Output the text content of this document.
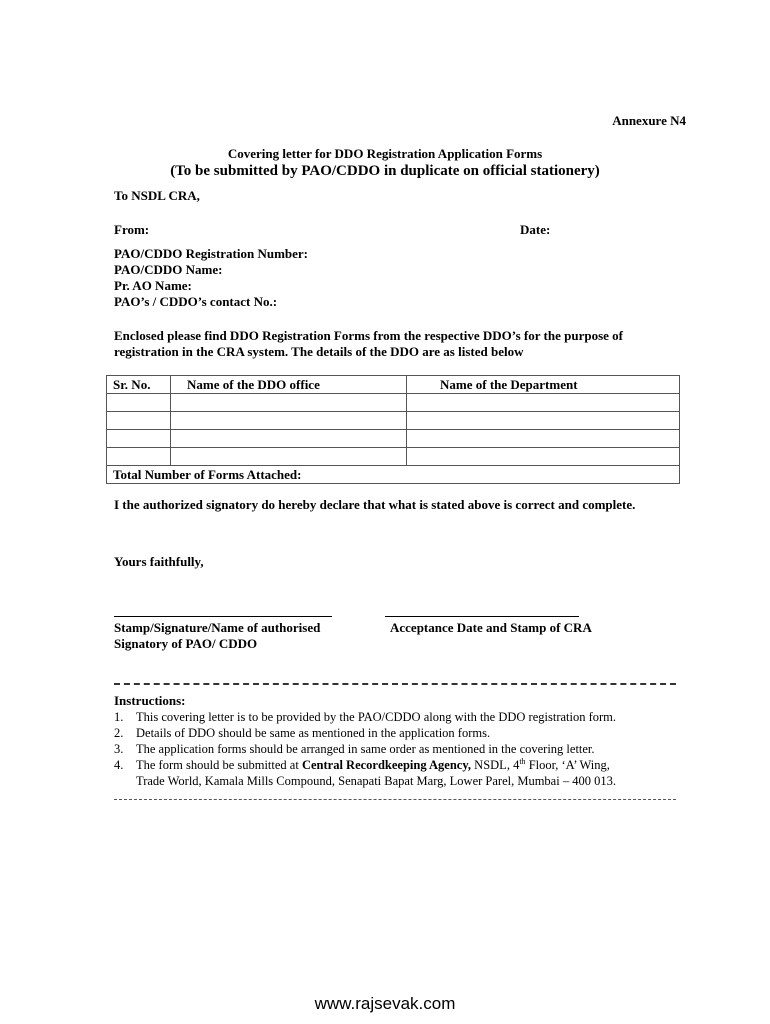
Annexure N4
Covering letter for DDO Registration Application Forms
(To be submitted by PAO/CDDO in duplicate on official stationery)
To NSDL CRA,
From:	Date:
PAO/CDDO Registration Number:
PAO/CDDO Name:
Pr. AO Name:
PAO’s / CDDO’s contact No.:
Enclosed please find DDO Registration Forms from the respective DDO’s for the purpose of
registration in the CRA system. The details of the DDO are as listed below
Sr. No.	Name of the DDO office	Name of the Department

Total Number of Forms Attached:		
I the authorized signatory do hereby declare that what is stated above is correct and complete.
Yours faithfully,
Stamp/Signature/Name of authorised
Signatory of PAO/ CDDO
Acceptance Date and Stamp of CRA
Instructions:
1. This covering letter is to be provided by the PAO/CDDO along with the DDO registration form.
2. Details of DDO should be same as mentioned in the application forms.
3. The application forms should be arranged in same order as mentioned in the covering letter.
4. The form should be submitted at Central Recordkeeping Agency, NSDL, 4th Floor, ‘A’ Wing,
Trade World, Kamala Mills Compound, Senapati Bapat Marg, Lower Parel, Mumbai – 400 013.
www.rajsevak.com
